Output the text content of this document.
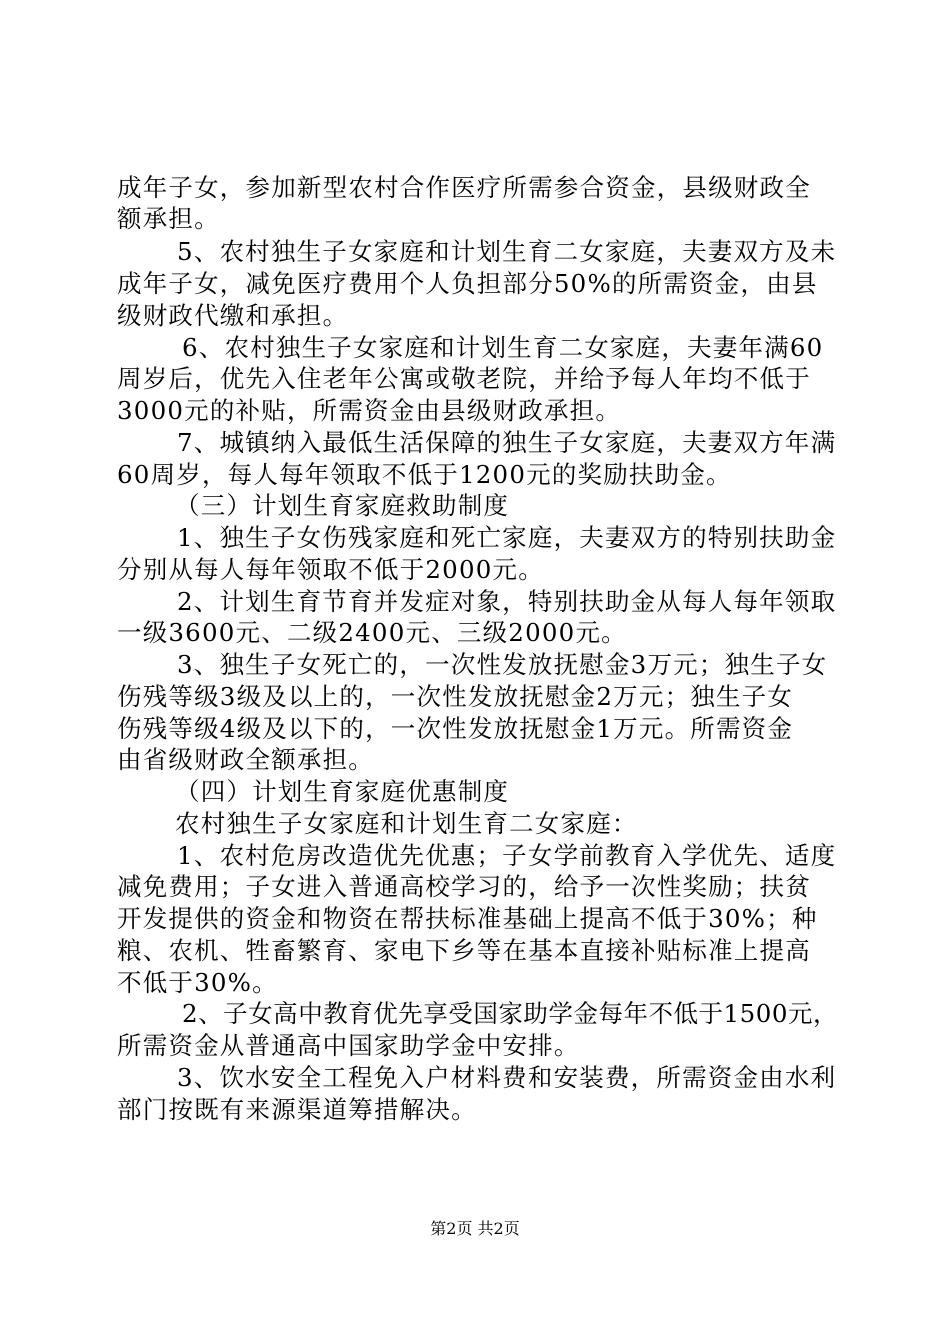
成年子女，参加新型农村合作医疗所需参合资金，县级财政全
额承担。
5、农村独生子女家庭和计划生育二女家庭，夫妻双方及未
成年子女，减免医疗费用个人负担部分50%的所需资金，由县
级财政代缴和承担。
6、农村独生子女家庭和计划生育二女家庭，夫妻年满60
周岁后，优先入住老年公寓或敬老院，并给予每人年均不低于
3000元的补贴，所需资金由县级财政承担。
7、城镇纳入最低生活保障的独生子女家庭，夫妻双方年满
60周岁，每人每年领取不低于1200元的奖励扶助金。
（三）计划生育家庭救助制度
1、独生子女伤残家庭和死亡家庭，夫妻双方的特别扶助金
分别从每人每年领取不低于2000元。
2、计划生育节育并发症对象，特别扶助金从每人每年领取
一级3600元、二级2400元、三级2000元。
3、独生子女死亡的，一次性发放抚慰金3万元；独生子女
伤残等级3级及以上的，一次性发放抚慰金2万元；独生子女
伤残等级4级及以下的，一次性发放抚慰金1万元。所需资金
由省级财政全额承担。
（四）计划生育家庭优惠制度
农村独生子女家庭和计划生育二女家庭：
1、农村危房改造优先优惠；子女学前教育入学优先、适度
减免费用；子女进入普通高校学习的，给予一次性奖励；扶贫
开发提供的资金和物资在帮扶标准基础上提高不低于30%；种
粮、农机、牲畜繁育、家电下乡等在基本直接补贴标准上提高
不低于30%。
2、子女高中教育优先享受国家助学金每年不低于1500元，
所需资金从普通高中国家助学金中安排。
3、饮水安全工程免入户材料费和安装费，所需资金由水利
部门按既有来源渠道筹措解决。
第2页 共2页
